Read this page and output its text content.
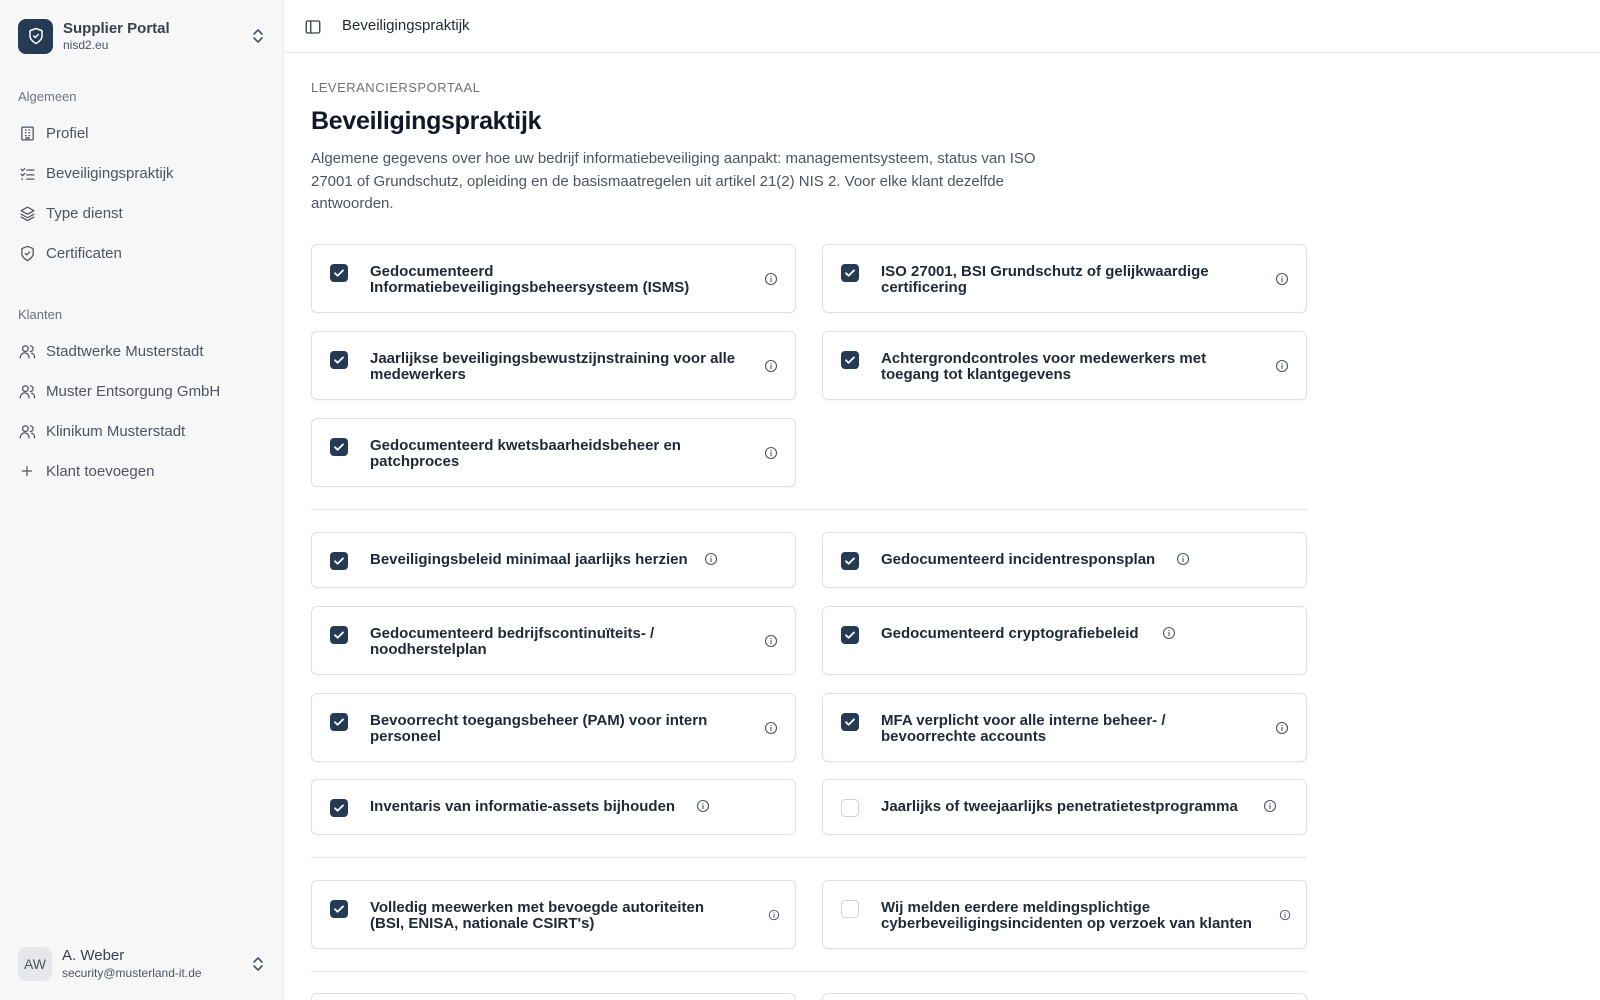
Supplier Portal
nisd2.eu
Algemeen
Profiel
Beveiligingspraktijk
Type dienst
Certificaten
Klanten
Stadtwerke Musterstadt
Muster Entsorgung GmbH
Klinikum Musterstadt
Klant toevoegen
AW	A. Weber
security@musterland-it.de
Beveiligingspraktijk
LEVERANCIERSPORTAAL
Beveiligingspraktijk

Algemene gegevens over hoe uw bedrijf informatiebeveiliging aanpakt: managementsysteem, status van ISO 27001 of Grundschutz, opleiding en de basismaatregelen uit artikel 21(2) NIS 2. Voor elke klant dezelfde antwoorden.

Gedocumenteerd Informatiebeveiligingsbeheersysteem (ISMS)
ISO 27001, BSI Grundschutz of gelijkwaardige certificering
Jaarlijkse beveiligingsbewustzijnstraining voor alle medewerkers
Achtergrondcontroles voor medewerkers met toegang tot klantgegevens
Gedocumenteerd kwetsbaarheidsbeheer en patchproces
Beveiligingsbeleid minimaal jaarlijks herzien	Gedocumenteerd incidentresponsplan
Gedocumenteerd bedrijfscontinuïteits- / noodherstelplan
Gedocumenteerd cryptografiebeleid
Bevoorrecht toegangsbeheer (PAM) voor intern personeel
MFA verplicht voor alle interne beheer- / bevoorrechte accounts
Inventaris van informatie-assets bijhouden	Jaarlijks of tweejaarlijks penetratietestprogramma
Volledig meewerken met bevoegde autoriteiten (BSI, ENISA, nationale CSIRT's)
Wij melden eerdere meldingsplichtige cyberbeveiligingsincidenten op verzoek van klanten
